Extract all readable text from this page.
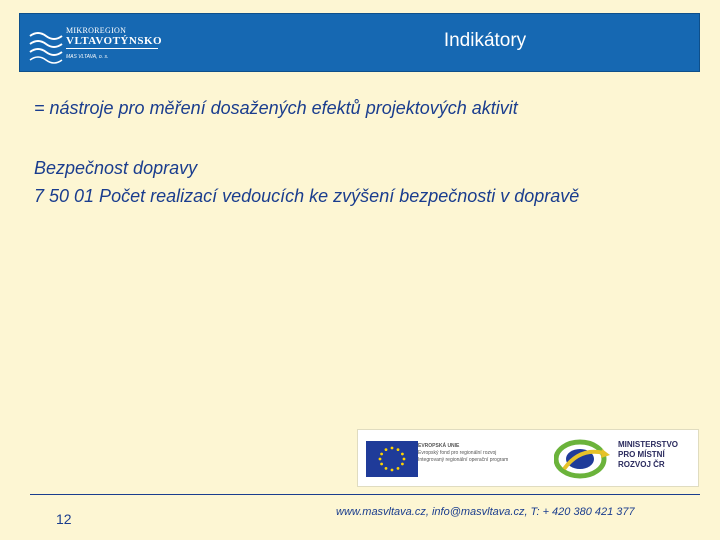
MIKROREGION
VLTAVOTÝNSKO
MAS VLTAVA, o. s.
Indikátory
= nástroje pro měření dosažených efektů projektových aktivit
Bezpečnost dopravy
7 50 01 Počet realizací vedoucích ke zvýšení bezpečnosti v dopravě
EVROPSKÁ UNIE
Evropský fond pro regionální rozvoj
Integrovaný regionální operační program
MINISTERSTVO
PRO MÍSTNÍ
ROZVOJ ČR
12	www.masvltava.cz, info@masvltava.cz, T: + 420 380 421 377
